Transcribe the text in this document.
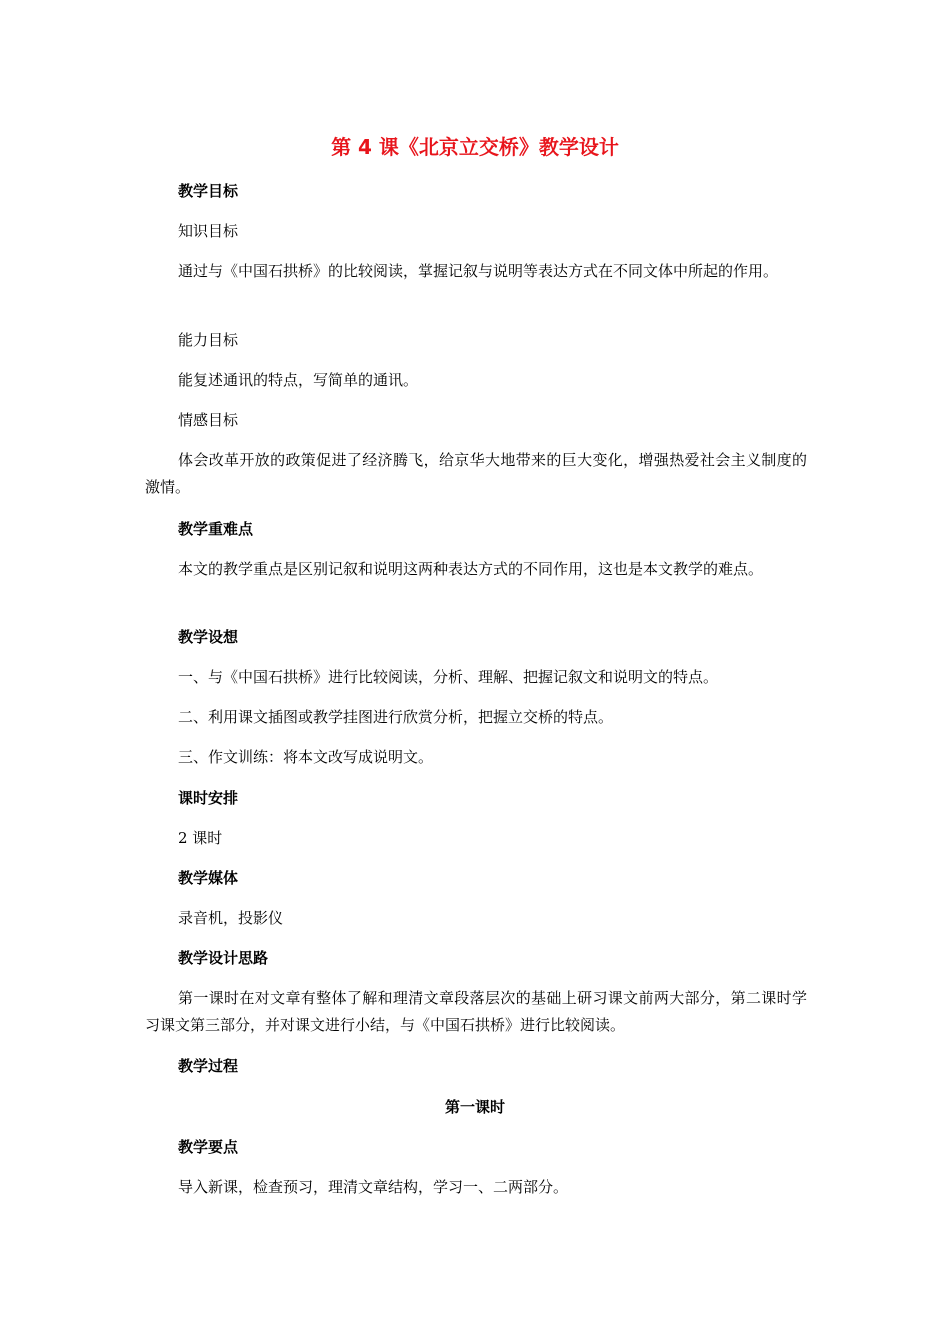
第 4 课《北京立交桥》教学设计
教学目标
知识目标
通过与《中国石拱桥》的比较阅读，掌握记叙与说明等表达方式在不同文体中所起的作用。
能力目标
能复述通讯的特点，写简单的通讯。
情感目标
体会改革开放的政策促进了经济腾飞，给京华大地带来的巨大变化，增强热爱社会主义制度的激情。
教学重难点
本文的教学重点是区别记叙和说明这两种表达方式的不同作用，这也是本文教学的难点。
教学设想
一、与《中国石拱桥》进行比较阅读，分析、理解、把握记叙文和说明文的特点。
二、利用课文插图或教学挂图进行欣赏分析，把握立交桥的特点。
三、作文训练：将本文改写成说明文。
课时安排
2 课时
教学媒体
录音机，投影仪
教学设计思路
第一课时在对文章有整体了解和理清文章段落层次的基础上研习课文前两大部分，第二课时学习课文第三部分，并对课文进行小结，与《中国石拱桥》进行比较阅读。
教学过程
第一课时
教学要点
导入新课，检查预习，理清文章结构，学习一、二两部分。
